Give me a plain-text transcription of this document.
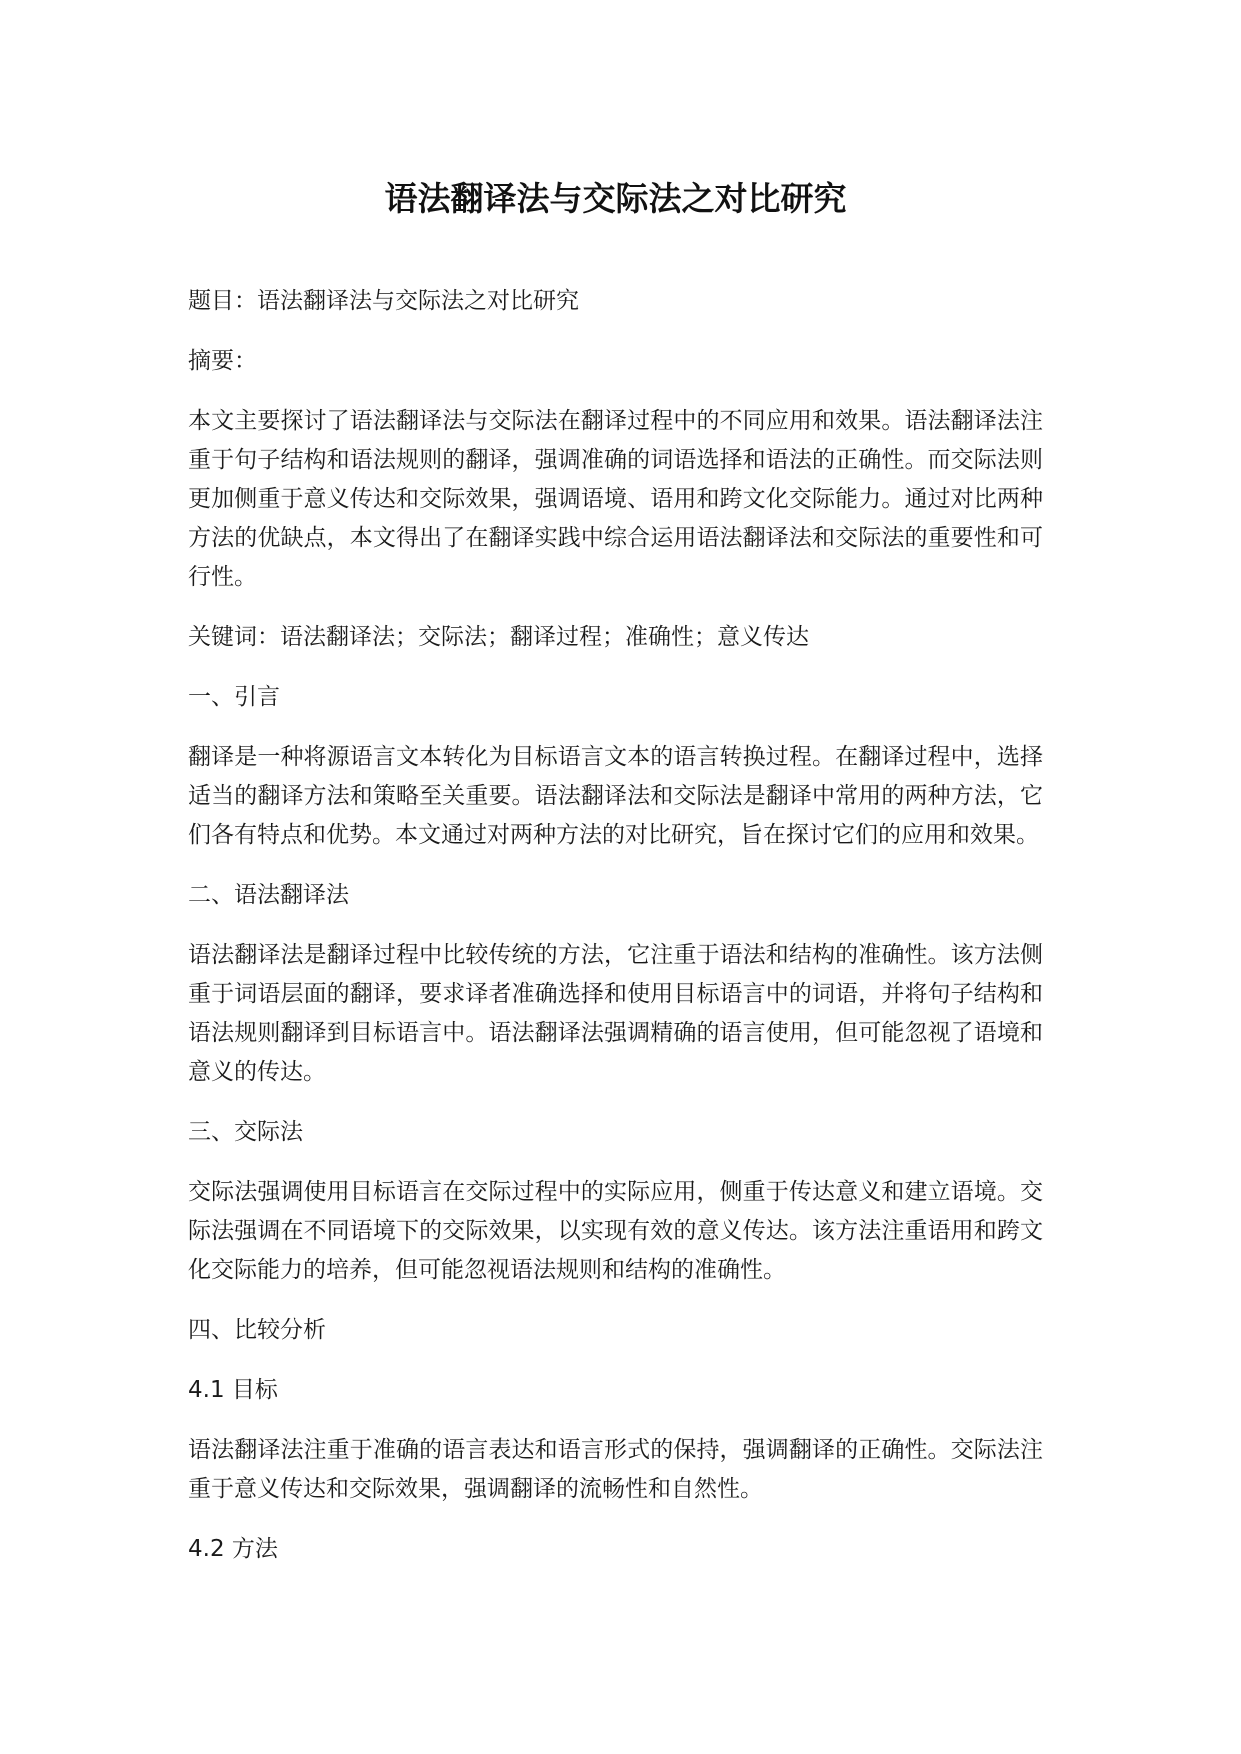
语法翻译法与交际法之对比研究

题目：语法翻译法与交际法之对比研究

摘要：

本文主要探讨了语法翻译法与交际法在翻译过程中的不同应用和效果。语法翻译法注重于句子结构和语法规则的翻译，强调准确的词语选择和语法的正确性。而交际法则更加侧重于意义传达和交际效果，强调语境、语用和跨文化交际能力。通过对比两种方法的优缺点，本文得出了在翻译实践中综合运用语法翻译法和交际法的重要性和可行性。

关键词：语法翻译法；交际法；翻译过程；准确性；意义传达

一、引言

翻译是一种将源语言文本转化为目标语言文本的语言转换过程。在翻译过程中，选择适当的翻译方法和策略至关重要。语法翻译法和交际法是翻译中常用的两种方法，它们各有特点和优势。本文通过对两种方法的对比研究，旨在探讨它们的应用和效果。

二、语法翻译法

语法翻译法是翻译过程中比较传统的方法，它注重于语法和结构的准确性。该方法侧重于词语层面的翻译，要求译者准确选择和使用目标语言中的词语，并将句子结构和语法规则翻译到目标语言中。语法翻译法强调精确的语言使用，但可能忽视了语境和意义的传达。

三、交际法

交际法强调使用目标语言在交际过程中的实际应用，侧重于传达意义和建立语境。交际法强调在不同语境下的交际效果，以实现有效的意义传达。该方法注重语用和跨文化交际能力的培养，但可能忽视语法规则和结构的准确性。

四、比较分析

4.1 目标

语法翻译法注重于准确的语言表达和语言形式的保持，强调翻译的正确性。交际法注重于意义传达和交际效果，强调翻译的流畅性和自然性。

4.2 方法
